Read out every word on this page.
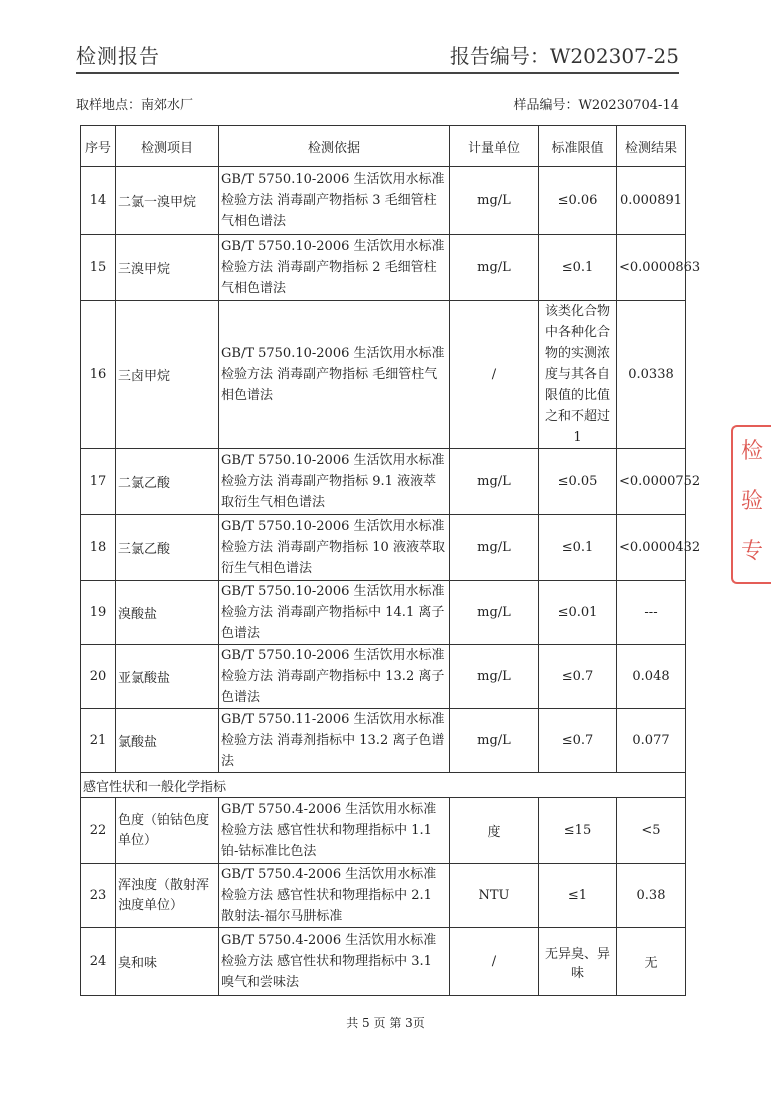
检测报告	报告编号：W202307-25
取样地点：南郊水厂	样品编号：W20230704-14
序号	检测项目	检测依据	计量单位	标准限值	检测结果
14	二氯一溴甲烷	GB/T 5750.10-2006 生活饮用水标准检验方法 消毒副产物指标 3 毛细管柱气相色谱法	mg/L	≤0.06	0.000891
15	三溴甲烷	GB/T 5750.10-2006 生活饮用水标准检验方法 消毒副产物指标 2 毛细管柱气相色谱法	mg/L	≤0.1	<0.0000863
16	三卤甲烷	GB/T 5750.10-2006 生活饮用水标准检验方法 消毒副产物指标 毛细管柱气相色谱法	/	该类化合物中各种化合物的实测浓度与其各自限值的比值之和不超过1	0.0338
17	二氯乙酸	GB/T 5750.10-2006 生活饮用水标准检验方法 消毒副产物指标 9.1 液液萃取衍生气相色谱法	mg/L	≤0.05	<0.0000752
18	三氯乙酸	GB/T 5750.10-2006 生活饮用水标准检验方法 消毒副产物指标 10 液液萃取衍生气相色谱法	mg/L	≤0.1	<0.0000432
19	溴酸盐	GB/T 5750.10-2006 生活饮用水标准检验方法 消毒副产物指标中 14.1 离子色谱法	mg/L	≤0.01	---
20	亚氯酸盐	GB/T 5750.10-2006 生活饮用水标准检验方法 消毒副产物指标中 13.2 离子色谱法	mg/L	≤0.7	0.048
21	氯酸盐	GB/T 5750.11-2006 生活饮用水标准检验方法 消毒剂指标中 13.2 离子色谱法	mg/L	≤0.7	0.077
感官性状和一般化学指标					
22	色度（铂钴色度单位）	GB/T 5750.4-2006 生活饮用水标准检验方法 感官性状和物理指标中 1.1 铂-钴标准比色法	度	≤15	<5
23	浑浊度（散射浑浊度单位）	GB/T 5750.4-2006 生活饮用水标准检验方法 感官性状和物理指标中 2.1 散射法-福尔马肼标准	NTU	≤1	0.38
24	臭和味	GB/T 5750.4-2006 生活饮用水标准检验方法 感官性状和物理指标中 3.1 嗅气和尝味法	/	无异臭、异味	无
共 5 页 第 3页
检
验
专
